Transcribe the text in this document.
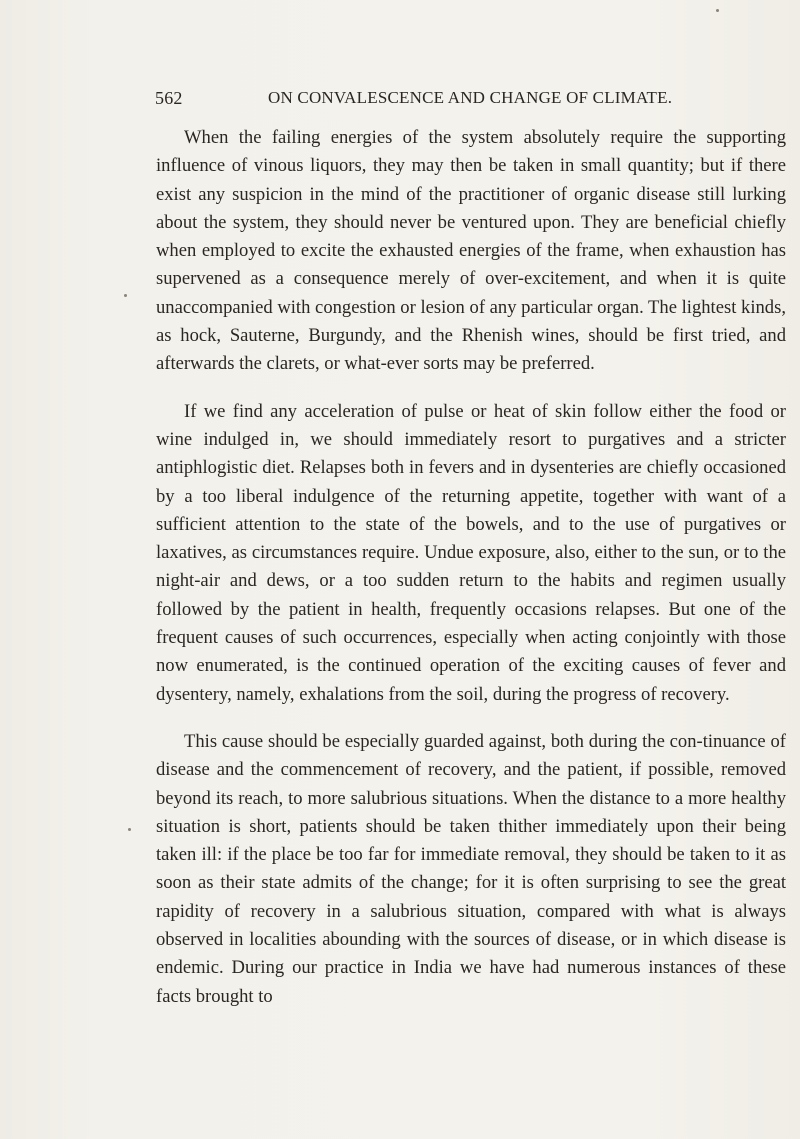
562	ON CONVALESCENCE AND CHANGE OF CLIMATE.

When the failing energies of the system absolutely require the supporting influence of vinous liquors, they may then be taken in small quantity; but if there exist any suspicion in the mind of the practitioner of organic disease still lurking about the system, they should never be ventured upon. They are beneficial chiefly when employed to excite the exhausted energies of the frame, when exhaustion has supervened as a consequence merely of over-excitement, and when it is quite unaccompanied with congestion or lesion of any particular organ. The lightest kinds, as hock, Sauterne, Burgundy, and the Rhenish wines, should be first tried, and afterwards the clarets, or what-ever sorts may be preferred.

If we find any acceleration of pulse or heat of skin follow either the food or wine indulged in, we should immediately resort to purgatives and a stricter antiphlogistic diet. Relapses both in fevers and in dysenteries are chiefly occasioned by a too liberal indulgence of the returning appetite, together with want of a sufficient attention to the state of the bowels, and to the use of purgatives or laxatives, as circumstances require. Undue exposure, also, either to the sun, or to the night-air and dews, or a too sudden return to the habits and regimen usually followed by the patient in health, frequently occasions relapses. But one of the frequent causes of such occurrences, especially when acting conjointly with those now enumerated, is the continued operation of the exciting causes of fever and dysentery, namely, exhalations from the soil, during the progress of recovery.

This cause should be especially guarded against, both during the con-tinuance of disease and the commencement of recovery, and the patient, if possible, removed beyond its reach, to more salubrious situations. When the distance to a more healthy situation is short, patients should be taken thither immediately upon their being taken ill: if the place be too far for immediate removal, they should be taken to it as soon as their state admits of the change; for it is often surprising to see the great rapidity of recovery in a salubrious situation, compared with what is always observed in localities abounding with the sources of disease, or in which disease is endemic. During our practice in India we have had numerous instances of these facts brought to
